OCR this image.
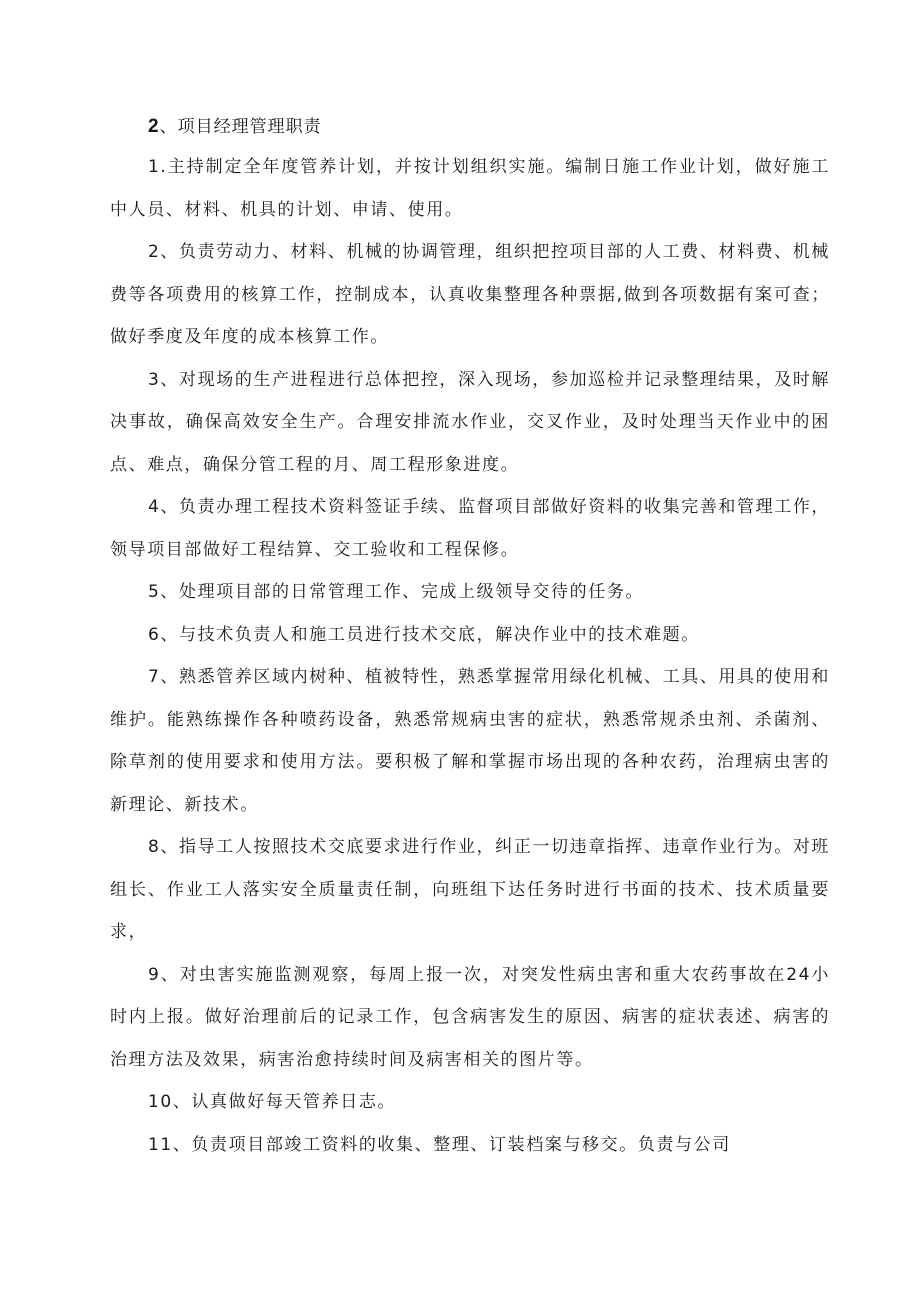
2、项目经理管理职责

1.主持制定全年度管养计划，并按计划组织实施。编制日施工作业计划，做好施工中人员、材料、机具的计划、申请、使用。

2、负责劳动力、材料、机械的协调管理，组织把控项目部的人工费、材料费、机械费等各项费用的核算工作，控制成本，认真收集整理各种票据,做到各项数据有案可查；做好季度及年度的成本核算工作。

3、对现场的生产进程进行总体把控，深入现场，参加巡检并记录整理结果，及时解决事故，确保高效安全生产。合理安排流水作业，交叉作业，及时处理当天作业中的困点、难点，确保分管工程的月、周工程形象进度。

4、负责办理工程技术资料签证手续、监督项目部做好资料的收集完善和管理工作，领导项目部做好工程结算、交工验收和工程保修。

5、处理项目部的日常管理工作、完成上级领导交待的任务。

6、与技术负责人和施工员进行技术交底，解决作业中的技术难题。

7、熟悉管养区域内树种、植被特性，熟悉掌握常用绿化机械、工具、用具的使用和维护。能熟练操作各种喷药设备，熟悉常规病虫害的症状，熟悉常规杀虫剂、杀菌剂、除草剂的使用要求和使用方法。要积极了解和掌握市场出现的各种农药，治理病虫害的新理论、新技术。

8、指导工人按照技术交底要求进行作业，纠正一切违章指挥、违章作业行为。对班组长、作业工人落实安全质量责任制，向班组下达任务时进行书面的技术、技术质量要求，

9、对虫害实施监测观察，每周上报一次，对突发性病虫害和重大农药事故在24小时内上报。做好治理前后的记录工作，包含病害发生的原因、病害的症状表述、病害的治理方法及效果，病害治愈持续时间及病害相关的图片等。

10、认真做好每天管养日志。

11、负责项目部竣工资料的收集、整理、订装档案与移交。负责与公司
